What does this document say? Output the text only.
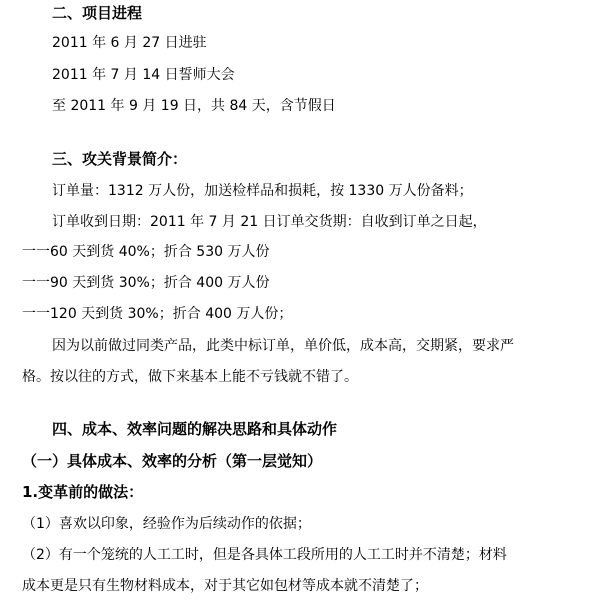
二、项目进程
2011 年 6 月 27 日进驻
2011 年 7 月 14 日誓师大会
至 2011 年 9 月 19 日，共 84 天，含节假日
三、攻关背景简介：
订单量：1312 万人份，加送检样品和损耗，按 1330 万人份备料；
订单收到日期：2011 年 7 月 21 日订单交货期：自收到订单之日起，
一一60 天到货 40%；折合 530 万人份
一一90 天到货 30%；折合 400 万人份
一一120 天到货 30%；折合 400 万人份；
因为以前做过同类产品，此类中标订单，单价低，成本高，交期紧，要求严
格。按以往的方式，做下来基本上能不亏钱就不错了。
四、成本、效率问题的解决思路和具体动作
（一）具体成本、效率的分析（第一层觉知）
1.变革前的做法：
（1）喜欢以印象，经验作为后续动作的依据；
（2）有一个笼统的人工工时，但是各具体工段所用的人工工时并不清楚；材料
成本更是只有生物材料成本，对于其它如包材等成本就不清楚了；
